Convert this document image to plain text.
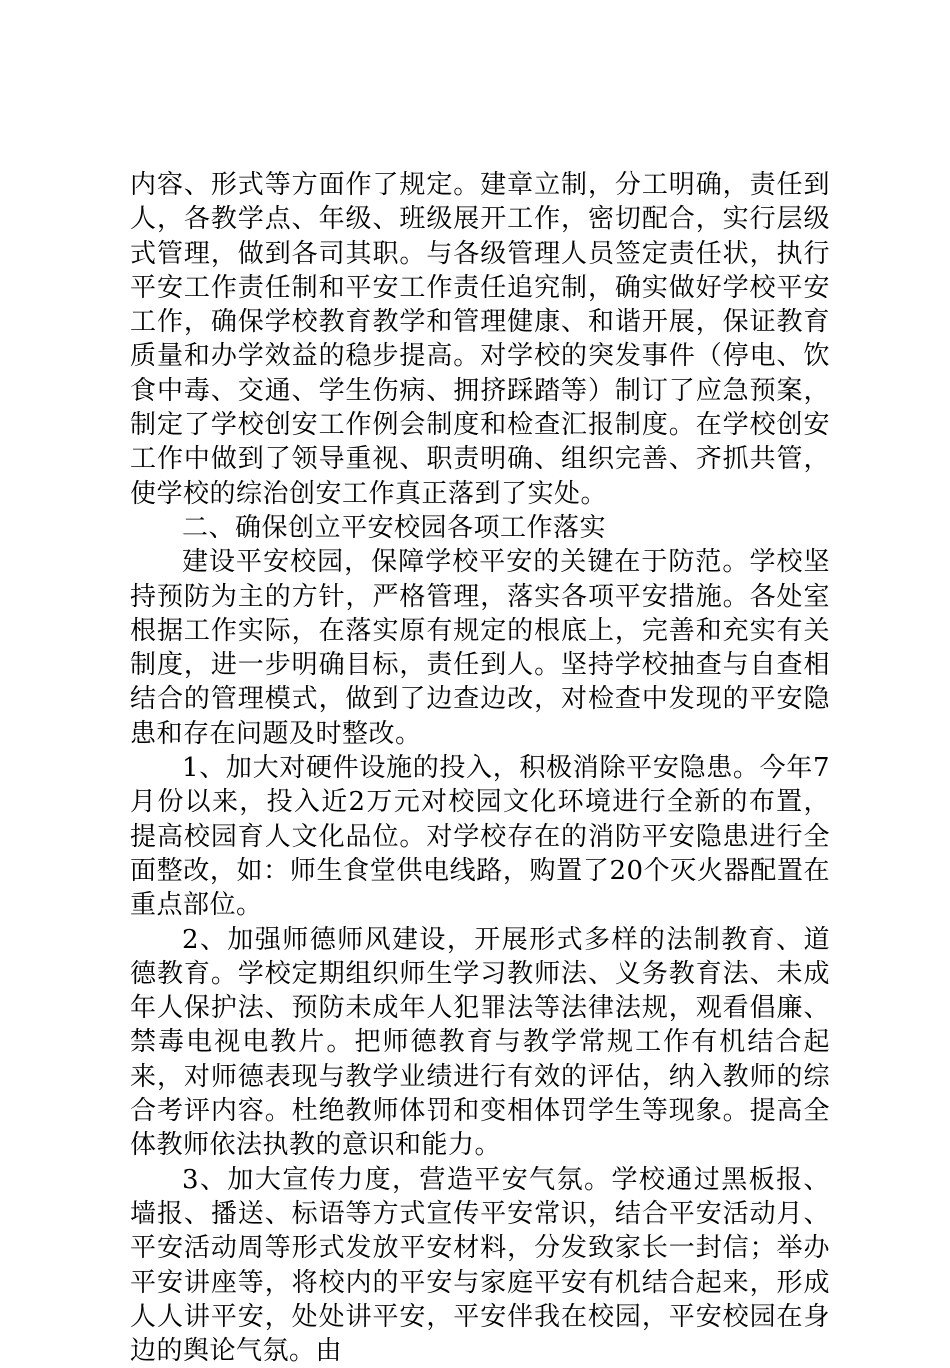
内容、形式等方面作了规定。建章立制，分工明确，责任到人，各教学点、年级、班级展开工作，密切配合，实行层级式管理，做到各司其职。与各级管理人员签定责任状，执行平安工作责任制和平安工作责任追究制，确实做好学校平安工作，确保学校教育教学和管理健康、和谐开展，保证教育质量和办学效益的稳步提高。对学校的突发事件（停电、饮食中毒、交通、学生伤病、拥挤踩踏等）制订了应急预案，制定了学校创安工作例会制度和检查汇报制度。在学校创安工作中做到了领导重视、职责明确、组织完善、齐抓共管，使学校的综治创安工作真正落到了实处。

二、确保创立平安校园各项工作落实

建设平安校园，保障学校平安的关键在于防范。学校坚持预防为主的方针，严格管理，落实各项平安措施。各处室根据工作实际，在落实原有规定的根底上，完善和充实有关制度，进一步明确目标，责任到人。坚持学校抽查与自查相结合的管理模式，做到了边查边改，对检查中发现的平安隐患和存在问题及时整改。

1、加大对硬件设施的投入，积极消除平安隐患。今年7月份以来，投入近2万元对校园文化环境进行全新的布置，提高校园育人文化品位。对学校存在的消防平安隐患进行全面整改，如：师生食堂供电线路，购置了20个灭火器配置在重点部位。

2、加强师德师风建设，开展形式多样的法制教育、道德教育。学校定期组织师生学习教师法、义务教育法、未成年人保护法、预防未成年人犯罪法等法律法规，观看倡廉、禁毒电视电教片。把师德教育与教学常规工作有机结合起来，对师德表现与教学业绩进行有效的评估，纳入教师的综合考评内容。杜绝教师体罚和变相体罚学生等现象。提高全体教师依法执教的意识和能力。

3、加大宣传力度，营造平安气氛。学校通过黑板报、墙报、播送、标语等方式宣传平安常识，结合平安活动月、平安活动周等形式发放平安材料，分发致家长一封信；举办平安讲座等，将校内的平安与家庭平安有机结合起来，形成人人讲平安，处处讲平安，平安伴我在校园，平安校园在身边的舆论气氛。由
